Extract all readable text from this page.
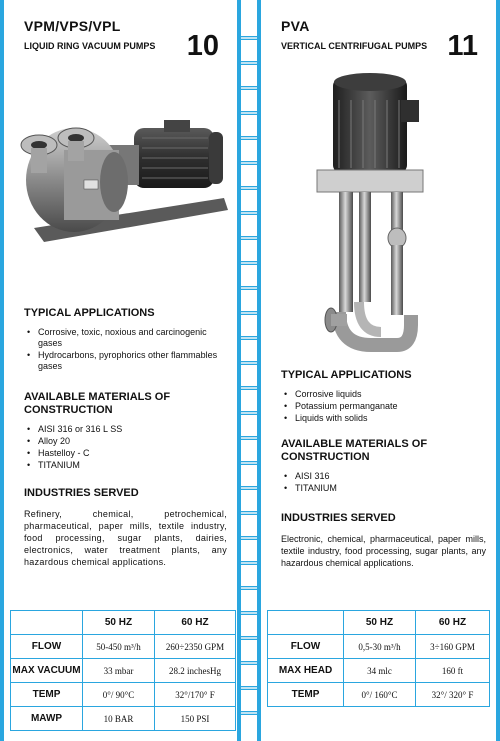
VPM/VPS/VPL
LIQUID RING VACUUM PUMPS	10
TYPICAL APPLICATIONS
• Corrosive, toxic, noxious and carcinogenic gases
• Hydrocarbons, pyrophorics other flammables gases
AVAILABLE MATERIALS OF CONSTRUCTION
• AISI 316 or 316 L SS
• Alloy 20
• Hastelloy - C
• TITANIUM
INDUSTRIES SERVED
Refinery, chemical, petrochemical, pharmaceutical, paper mills, textile industry, food processing, sugar plants, dairies, electronics, water treatment plants, any hazardous chemical applications.
PVA
VERTICAL CENTRIFUGAL PUMPS 11
TYPICAL APPLICATIONS
• Corrosive liquids
• Potassium permanganate
• Liquids with solids
AVAILABLE MATERIALS OF CONSTRUCTION
• AISI 316
• TITANIUM
INDUSTRIES SERVED
Electronic, chemical, pharmaceutical, paper mills, textile industry, food processing, sugar plants, any hazardous chemical applications.
	50 HZ	60 HZ
FLOW	50-450 m³/h	260÷2350 GPM
MAX VACUUM	33 mbar	28.2 inchesHg
TEMP	0°/ 90°C	32°/170° F
MAWP	10 BAR	150 PSI
	50 HZ	60 HZ
FLOW	0,5-30 m³/h	3÷160 GPM
MAX HEAD	34 mlc	160 ft
TEMP	0°/ 160°C	32°/ 320° F
